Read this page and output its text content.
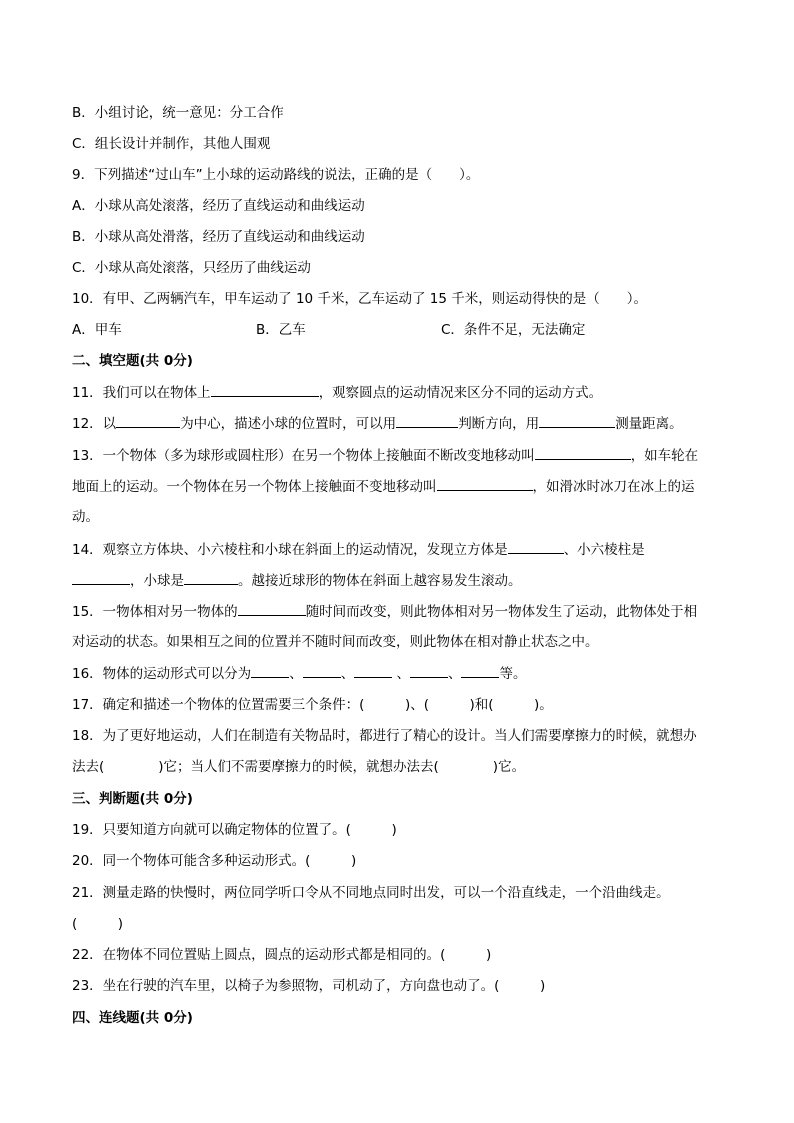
B．小组讨论，统一意见：分工合作
C．组长设计并制作，其他人围观
9．下列描述“过山车”上小球的运动路线的说法，正确的是（　　）。
A．小球从高处滚落，经历了直线运动和曲线运动
B．小球从高处滑落，经历了直线运动和曲线运动
C．小球从高处滚落，只经历了曲线运动
10．有甲、乙两辆汽车，甲车运动了 10 千米，乙车运动了 15 千米，则运动得快的是（　　）。
A．甲车	B．乙车	C．条件不足，无法确定
二、填空题(共 0分)
11．我们可以在物体上	，观察圆点的运动情况来区分不同的运动方式。
12．以	为中心，描述小球的位置时，可以用	判断方向，用	测量距离。
13．一个物体（多为球形或圆柱形）在另一个物体上接触面不断改变地移动叫	，如车轮在
地面上的运动。一个物体在另一个物体上接触面不变地移动叫	，如滑冰时冰刀在冰上的运
动。
14．观察立方体块、小六棱柱和小球在斜面上的运动情况，发现立方体是	、小六棱柱是
，小球是	。越接近球形的物体在斜面上越容易发生滚动。
15．一物体相对另一物体的	随时间而改变，则此物体相对另一物体发生了运动，此物体处于相
对运动的状态。如果相互之间的位置并不随时间而改变，则此物体在相对静止状态之中。
16．物体的运动形式可以分为	、	、	、	、	等。
17．确定和描述一个物体的位置需要三个条件：(　　　)、(　　　)和(　　　)。
18．为了更好地运动，人们在制造有关物品时，都进行了精心的设计。当人们需要摩擦力的时候，就想办
法去(　　　　)它；当人们不需要摩擦力的时候，就想办法去(　　　　)它。
三、判断题(共 0分)
19．只要知道方向就可以确定物体的位置了。(　　　)
20．同一个物体可能含多种运动形式。(　　　)
21．测量走路的快慢时，两位同学听口令从不同地点同时出发，可以一个沿直线走，一个沿曲线走。
(　　　)
22．在物体不同位置贴上圆点，圆点的运动形式都是相同的。(　　　)
23．坐在行驶的汽车里，以椅子为参照物，司机动了，方向盘也动了。(　　　)
四、连线题(共 0分)
